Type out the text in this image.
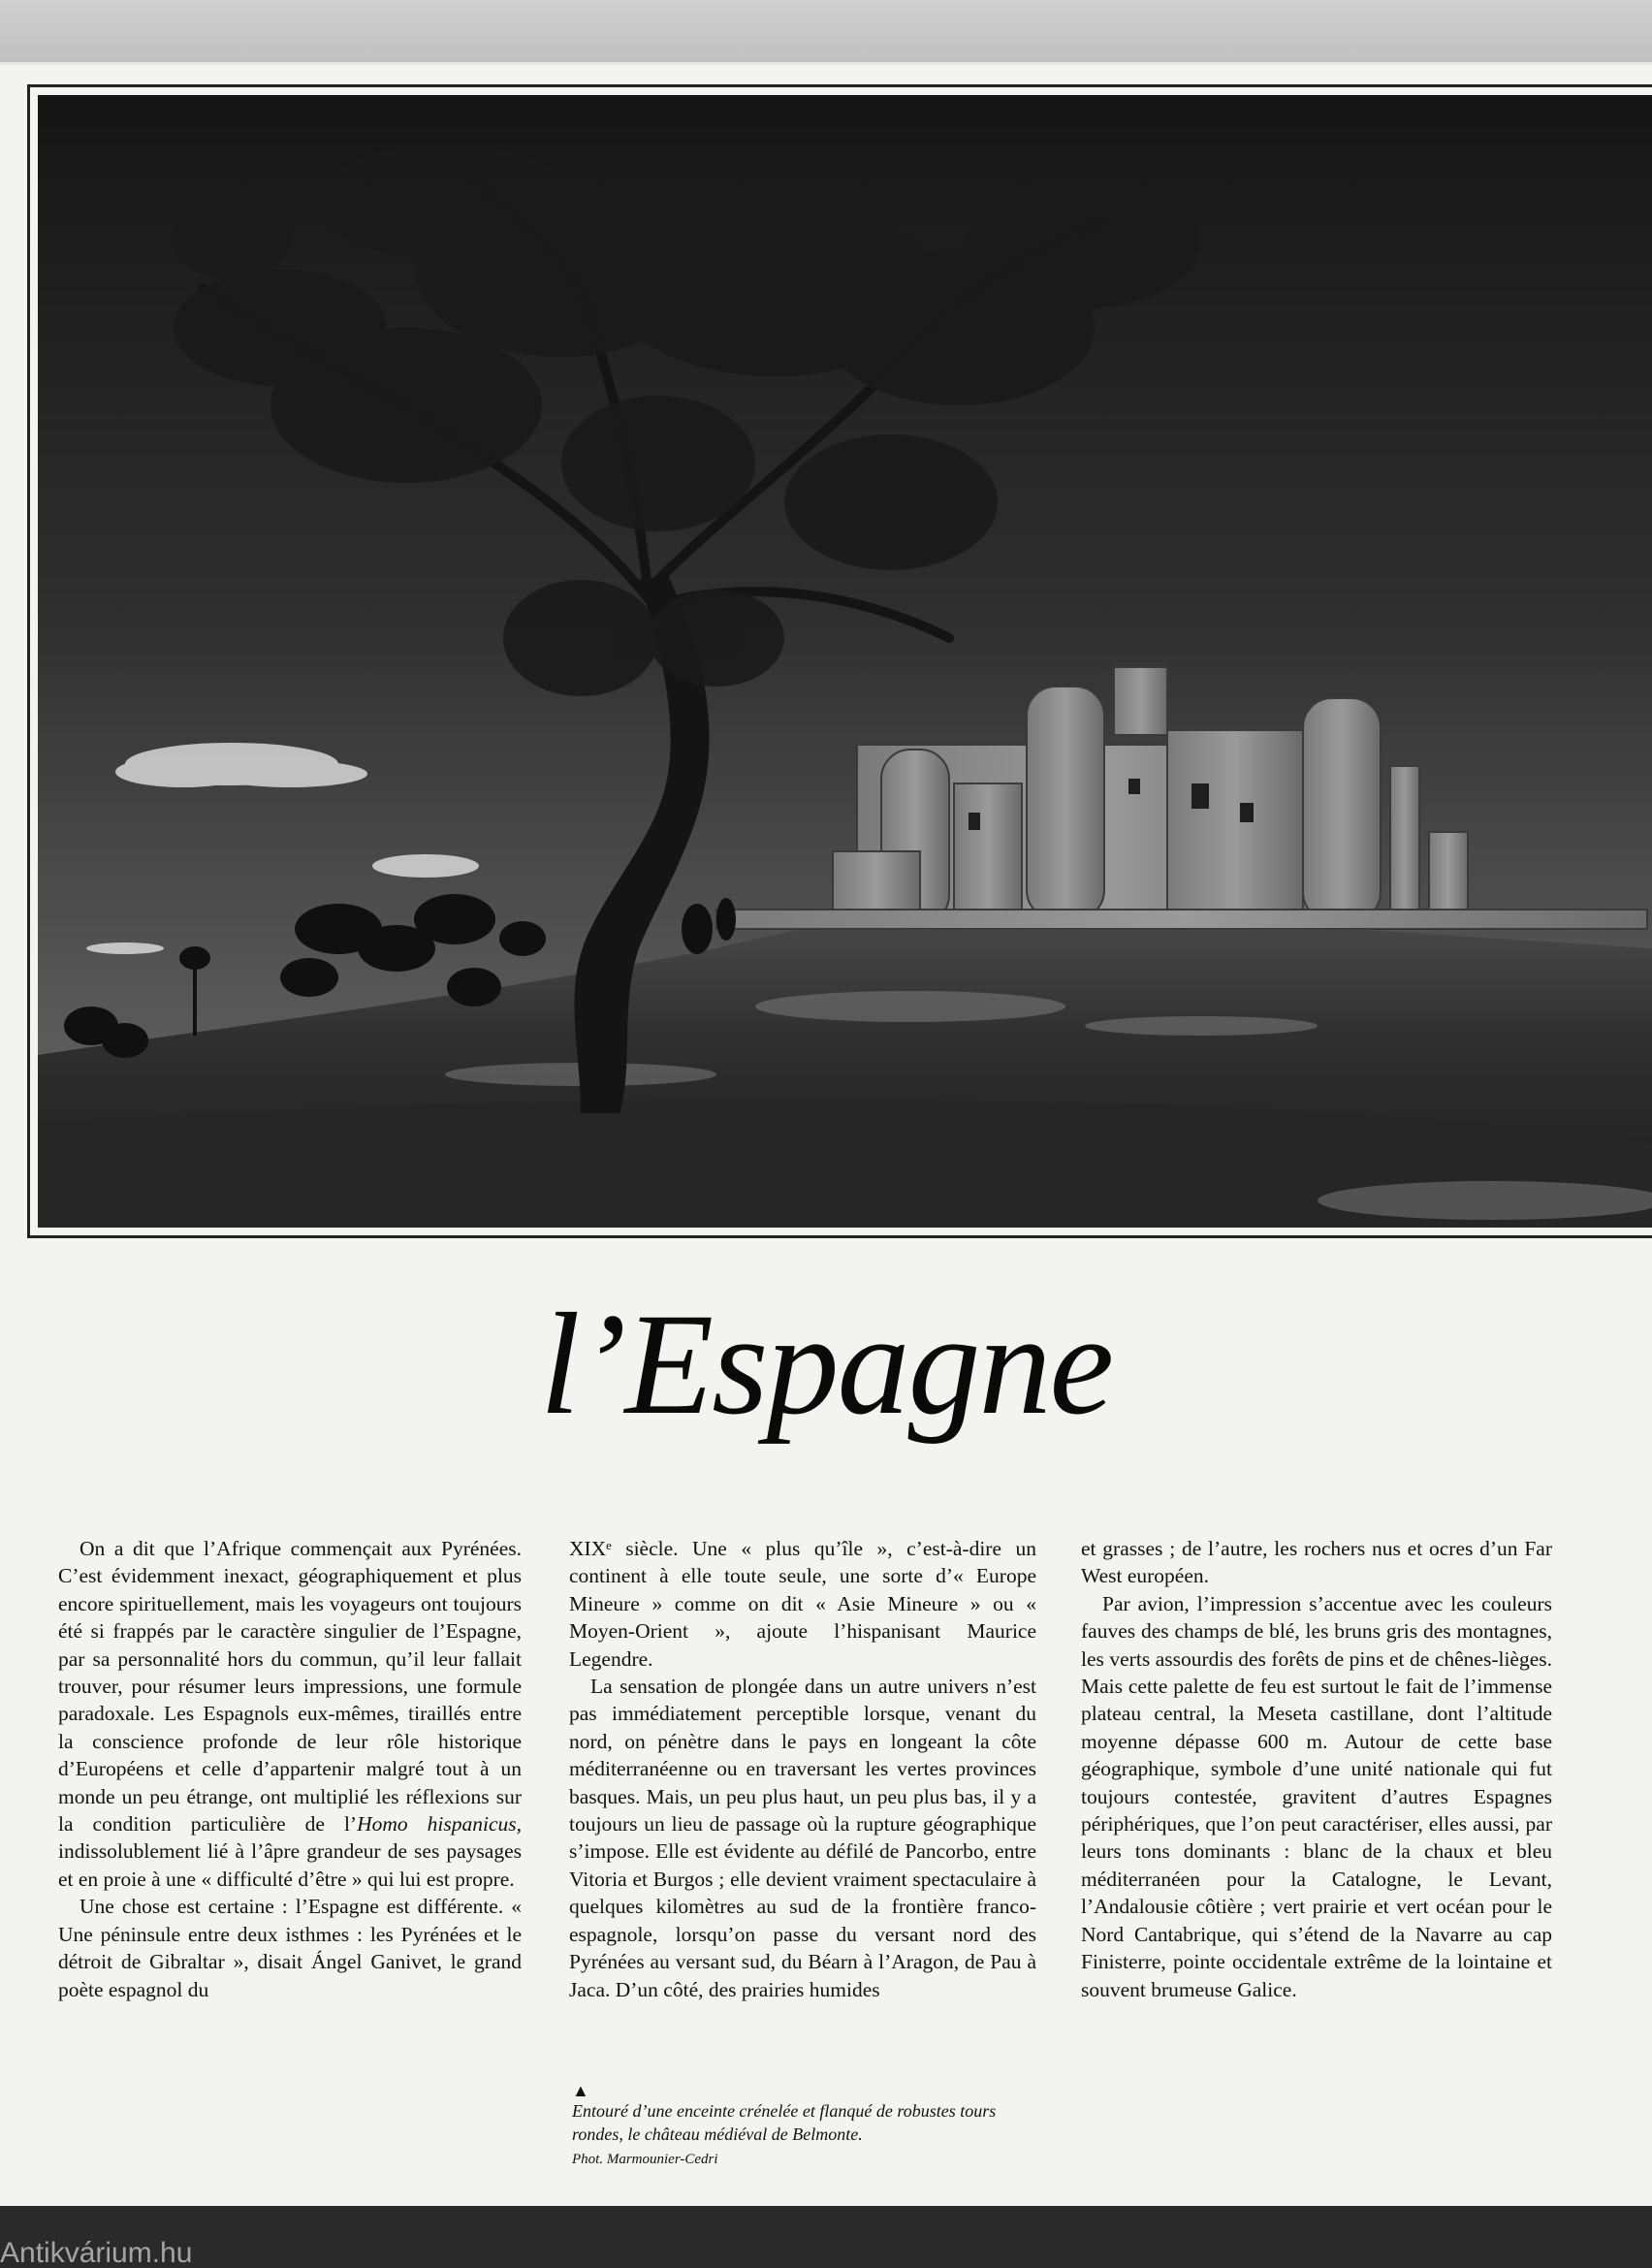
l’Espagne

On a dit que l’Afrique commençait aux Pyrénées. C’est évidemment inexact, géographiquement et plus encore spirituellement, mais les voyageurs ont toujours été si frappés par le caractère singulier de l’Espagne, par sa personnalité hors du commun, qu’il leur fallait trouver, pour résumer leurs impressions, une formule paradoxale. Les Espagnols eux-mêmes, tiraillés entre la conscience profonde de leur rôle historique d’Européens et celle d’appartenir malgré tout à un monde un peu étrange, ont multiplié les réflexions sur la condition particulière de l’Homo hispanicus, indissolublement lié à l’âpre grandeur de ses paysages et en proie à une « difficulté d’être » qui lui est propre.

Une chose est certaine : l’Espagne est différente. « Une péninsule entre deux isthmes : les Pyrénées et le détroit de Gibraltar », disait Ángel Ganivet, le grand poète espagnol du

XIXᵉ siècle. Une « plus qu’île », c’est-à-dire un continent à elle toute seule, une sorte d’« Europe Mineure » comme on dit « Asie Mineure » ou « Moyen-Orient », ajoute l’hispanisant Maurice Legendre.

La sensation de plongée dans un autre univers n’est pas immédiatement perceptible lorsque, venant du nord, on pénètre dans le pays en longeant la côte méditerranéenne ou en traversant les vertes provinces basques. Mais, un peu plus haut, un peu plus bas, il y a toujours un lieu de passage où la rupture géographique s’impose. Elle est évidente au défilé de Pancorbo, entre Vitoria et Burgos ; elle devient vraiment spectaculaire à quelques kilomètres au sud de la frontière franco-espagnole, lorsqu’on passe du versant nord des Pyrénées au versant sud, du Béarn à l’Aragon, de Pau à Jaca. D’un côté, des prairies humides

et grasses ; de l’autre, les rochers nus et ocres d’un Far West européen.

Par avion, l’impression s’accentue avec les couleurs fauves des champs de blé, les bruns gris des montagnes, les verts assourdis des forêts de pins et de chênes-lièges. Mais cette palette de feu est surtout le fait de l’immense plateau central, la Meseta castillane, dont l’altitude moyenne dépasse 600 m. Autour de cette base géographique, symbole d’une unité nationale qui fut toujours contestée, gravitent d’autres Espagnes périphériques, que l’on peut caractériser, elles aussi, par leurs tons dominants : blanc de la chaux et bleu méditerranéen pour la Catalogne, le Levant, l’Andalousie côtière ; vert prairie et vert océan pour le Nord Cantabrique, qui s’étend de la Navarre au cap Finisterre, pointe occidentale extrême de la lointaine et souvent brumeuse Galice.

▲
Entouré d’une enceinte crénelée et flanqué de robustes tours rondes, le château médiéval de Belmonte.
Phot. Marmounier-Cedri
Antikvárium.hu
